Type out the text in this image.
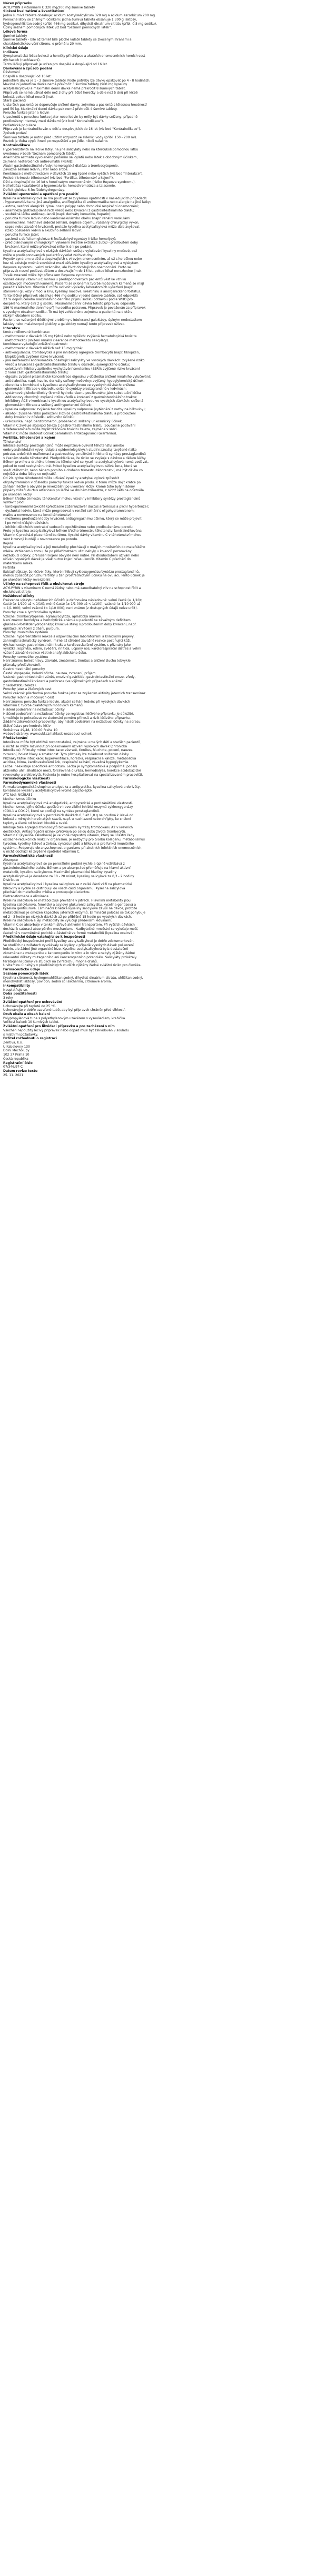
Název přípravku
ACYLPYRIN s vitaminem C 320 mg/200 mg šumivé tablety
Složení kvalitativní a kvantitativní
Jedna šumivá tableta obsahuje: acidum acetylsalicylicum 320 mg a acidum ascorbicum 200 mg.
Pomocné látky se známým účinkem: jedna šumivá tableta obsahuje 1 300 g laktosy,
hydrogenuhličitan sodný (přibl. 466 mg sodíku), dihydrát dinatrium-citrátu (přibl. 0,5 mg sodíku).
Úplný seznam pomocných látek viz bod "Seznam pomocných látek".
Léková forma
Šumivé tablety
Šumivé tablety - bílé až téměř bílé ploché kulaté tablety se zkosenými hranami a
charakteristickou vůní citronu, o průměru 20 mm.
Klinické údaje
Indikace
Symptomatická léčba bolesti a horečky při chřipce a akutních onemocněních horních cest
dýchacích (nachlazení).
Tento léčivý přípravek je určen pro dospělé a dospívající od 16 let.
Dávkování a způsob podání
Dávkování
Dospělí a dospívající od 16 let:
Jednotlivá dávka je 1 - 2 šumivé tablety. Podle potřeby lze dávku opakovat po 4 - 8 hodinách.
Maximální jednotlivá dávka nemá překročit 3 šumivé tablety (960 mg kyseliny
acetylsalicylové) a maximální denní dávka nemá překročit 8 šumivých tablet.
Přípravek se nemá užívat déle než 3 dny při léčbě horečky a déle než 5 dnů při léčbě
bolesti, pokud lékař neurčí jinak.
Starší pacienti
U starších pacientů se doporučuje snížení dávky, zejména u pacientů s tělesnou hmotností
pod 50 kg. Maximální denní dávka pak nemá překročit 4 šumivé tablety.
Porucha funkce jater a ledvin
U pacientů s poruchou funkce jater nebo ledvin by měly být dávky sníženy, případně
prodlouženy intervaly mezi dávkami (viz bod "Kontraindikace").
Pediatrická populace
Přípravek je kontraindikován u dětí a dospívajících do 16 let (viz bod "Kontraindikace").
Způsob podání
Šumivou tabletu je nutno před užitím rozpustit ve sklenici vody (přibl. 150 - 200 ml).
Roztok je třeba vypít ihned po rozpuštění a po jídle, nikoli nalačno.
Kontraindikace
Hypersenzitivita na léčivé látky, na jiné salicyláty nebo na kteroukoli pomocnou látku
uvedenou v bodě "Seznam pomocných látek".
Anamnéza astmatu vyvolaného podáním salicylátů nebo látek s obdobným účinkem,
zejména nesteroidních antirevmatik (NSAID).
Akutní gastrointestinální vředy; hemoragická diatéza a trombocytopenie.
Závažné selhání ledvin, jater nebo srdce.
Kombinace s methotrexátem v dávkách 15 mg týdně nebo vyšších (viz bod "Interakce").
Poslední trimestr těhotenství (viz bod "Fertilita, těhotenství a kojení").
Děti a dospívající do 16 let s horečnatým onemocněním (riziko Reyeova syndromu).
Nefrolitiáza (oxalátová) a hyperoxalurie; hemochromatóza a talasemie.
Deficit glukóza-6-fosfátdehydrogenázy.
Zvláštní upozornění a opatření pro použití
Kyselina acetylsalicylová se má používat se zvýšenou opatrností v následujících případech:
- hypersenzitivita na jiná analgetika, antiflogistika či antirevmatika nebo alergie na jiné látky;
- astma, sezónní alergická rýma, nosní polypy nebo chronické respirační onemocnění;
- anamnéza gastroduodenálních vředů nebo krvácení z gastrointestinálního traktu;
- souběžná léčba antikoagulancii (např. deriváty kumarinu, heparin);
- porucha funkce ledvin nebo kardiovaskulárního oběhu (např. renální vaskulární
onemocnění, městnavé srdeční selhání, deplece objemu, rozsáhlý chirurgický výkon,
sepse nebo závažné krvácení), protože kyselina acetylsalicylová může dále zvyšovat
riziko poškození ledvin a akutního selhání ledvin;
- porucha funkce jater;
- pacienti s deficitem glukóza-6-fosfátdehydrogenázy (riziko hemolýzy);
- před plánovaným chirurgickým výkonem (včetně extrakce zubu) - prodloužení doby
krvácení, které může přetrvávat několik dní po podání.
Kyselina acetylsalicylová v nízkých dávkách snižuje vylučování kyseliny močové, což
může u predisponovaných pacientů vyvolat záchvat dny.
Reyeův syndrom: u dětí a dospívajících s virovým onemocněním, ať už s horečkou nebo
bez ní, existuje možná souvislost mezi užíváním kyseliny acetylsalicylové a výskytem
Reyeova syndromu, velmi vzácného, ale život ohrožujícího onemocnění. Proto se
přípravek nesmí podávat dětem a dospívajícím do 16 let, pokud lékař nerozhodne jinak.
Trvalé zvracení může být příznakem Reyeova syndromu.
Vysoké dávky vitaminu C mohou u predisponovaných pacientů vést ke vzniku
oxalátových močových kamenů. Pacienti se sklonem k tvorbě močových kamenů se mají
poradit s lékařem. Vitamin C může ovlivnit výsledky laboratorních vyšetření (např.
stanovení glukózy v moči a krvi, kyseliny močové, kreatininu a anorganického fosfátu).
Tento léčivý přípravek obsahuje 466 mg sodíku v jedné šumivé tabletě, což odpovídá
23 % doporučeného maximálního denního příjmu sodíku potravou podle WHO pro
dospělého, který činí 2 g sodíku. Maximální denní dávka tohoto přípravku odpovídá
186 % maximálního denního příjmu sodíku potravou. Přípravek je považován za přípravek
s vysokým obsahem sodíku. To má být zohledněno zejména u pacientů na dietě s
nízkým obsahem sodíku.
Pacienti se vzácnými dědičnými problémy s intolerancí galaktózy, úplným nedostatkem
laktázy nebo malabsorpcí glukózy a galaktózy nemají tento přípravek užívat.
Interakce
Kontraindikované kombinace:
- methotrexát v dávkách 15 mg týdně nebo vyšších: zvýšená hematologická toxicita
methotrexátu (snížení renální clearance methotrexátu salicyláty).
Kombinace vyžadující zvláštní opatrnost:
- methotrexát v dávkách nižších než 15 mg týdně;
- antikoagulancia, trombolytika a jiné inhibitory agregace trombocytů (např. tiklopidin,
klopidogrel): zvýšené riziko krvácení;
- jiná nesteroidní antirevmatika obsahující salicyláty ve vysokých dávkách: zvýšené riziko
vředů a krvácení z gastrointestinálního traktu v důsledku synergického účinku;
- selektivní inhibitory zpětného vychytávání serotoninu (SSRI): zvýšené riziko krvácení
z horní části gastrointestinálního traktu;
- digoxin: zvýšení plazmatické koncentrace digoxinu v důsledku snížení renálního vylučování;
- antidiabetika, např. inzulin, deriváty sulfonylmočoviny: zvýšený hypoglykemický účinek;
- diuretika v kombinaci s kyselinou acetylsalicylovou ve vysokých dávkách: snížená
glomerulární filtrace v důsledku snížené syntézy prostaglandinů v ledvinách;
- systémové glukokortikoidy (kromě hydrokortisonu používaného jako substituční léčba
Addisonovy choroby): zvýšené riziko vředů a krvácení z gastrointestinálního traktu;
- inhibitory ACE v kombinaci s kyselinou acetylsalicylovou ve vysokých dávkách: snížená
glomerulární filtrace a snížený antihypertenzní účinek;
- kyselina valproová: zvýšená toxicita kyseliny valproové (vytěsnění z vazby na bílkoviny);
- alkohol: zvýšené riziko poškození sliznice gastrointestinálního traktu a prodloužení
doby krvácení v důsledku aditivního účinku;
- urikosurika, např. benzbromaron, probenecid: snížený urikosurický účinek.
Vitamin C zvyšuje absorpci železa z gastrointestinálního traktu. Současné podávání
s deferoxaminem může zvýšit tkáňovou toxicitu železa, zejména v srdci.
Vitamin C může snižovat účinek perorálních antikoagulancií (warfarinu).
Fertilita, těhotenství a kojení
Těhotenství
Inhibice syntézy prostaglandinů může nepříznivě ovlivnit těhotenství a/nebo
embryonální/fetální vývoj. Údaje z epidemiologických studií naznačují zvýšené riziko
potratu, srdečních malformací a gastroschízy po užívání inhibitorů syntézy prostaglandinů
v časném stadiu těhotenství. Předpokládá se, že riziko se zvyšuje s dávkou a délkou léčby.
Během prvního a druhého trimestru těhotenství se kyselina acetylsalicylová nemá podávat,
pokud to není nezbytně nutné. Pokud kyselinu acetylsalicylovou užívá žena, která se
snaží otěhotnět, nebo během prvního a druhého trimestru těhotenství, má být dávka co
nejnižší a doba léčby co nejkratší.
Od 20. týdne těhotenství může užívání kyseliny acetylsalicylové způsobit
oligohydramnion v důsledku poruchy funkce ledvin plodu. K tomu může dojít krátce po
zahájení léčby a obvykle je reverzibilní po ukončení léčby. Kromě toho byly hlášeny
případy zúžení ductus arteriosus po léčbě ve druhém trimestru, z nichž většina odezněla
po ukončení léčby.
Během třetího trimestru těhotenství mohou všechny inhibitory syntézy prostaglandinů
vystavit plod:
- kardiopulmonální toxicitě (předčasné zúžení/uzávěr ductus arteriosus a plicní hypertenze);
- dysfunkci ledvin, která může progredovat v renální selhání s oligohydramnionem;
matku a novorozence na konci těhotenství:
- možnému prodloužení doby krvácení, antiagregačnímu účinku, který se může projevit
i po velmi nízkých dávkách;
- inhibici děložních kontrakcí vedoucí k opožděnému nebo prodlouženému porodu.
Proto je kyselina acetylsalicylová během třetího trimestru těhotenství kontraindikována.
Vitamin C prochází placentární bariérou. Vysoké dávky vitaminu C v těhotenství mohou
vést k rozvoji kurdějí u novorozence po porodu.
Kojení
Kyselina acetylsalicylová a její metabolity přecházejí v malých množstvích do mateřského
mléka. Vzhledem k tomu, že po příležitostném užití nebyly u kojenců pozorovány
nežádoucí účinky, přerušení kojení obvykle není nutné. Při dlouhodobém užívání nebo
užívání vysokých dávek je však nutno kojení včas ukončit. Vitamin C přechází do
mateřského mléka.
Fertilita
Existují důkazy, že léčivé látky, které inhibují cyklooxygenázu/syntézu prostaglandinů,
mohou způsobit poruchu fertility u žen prostřednictvím účinku na ovulaci. Tento účinek je
po ukončení léčby reverzibilní.
Účinky na schopnost řídit a obsluhovat stroje
ACYLPYRIN s vitaminem C nemá žádný nebo má zanedbatelný vliv na schopnost řídit a
obsluhovat stroje.
Nežádoucí účinky
Frekvence výskytu nežádoucích účinků je definována následovně: velmi časté (≥ 1/10);
časté (≥ 1/100 až < 1/10); méně časté (≥ 1/1 000 až < 1/100); vzácné (≥ 1/10 000 až
< 1/1 000); velmi vzácné (< 1/10 000); není známo (z dostupných údajů nelze určit).
Poruchy krve a lymfatického systému
Vzácné: trombocytopenie, agranulocytóza, aplastická anémie.
Není známo: hemolýza a hemolytická anémie u pacientů se závažným deficitem
glukóza-6-fosfátdehydrogenázy; krvácivé stavy s prodloužením doby krvácení, např.
epistaxe, krvácení z dásní, purpura.
Poruchy imunitního systému
Vzácné: hypersenzitivní reakce s odpovídajícími laboratorními a klinickými projevy,
zahrnující astmatický syndrom, mírné až středně závažné reakce postihující kůži,
dýchací cesty, gastrointestinální trakt a kardiovaskulární systém, s příznaky jako
vyrážka, kopřivka, edém, svědění, rinitida, ucpaný nos, kardiorespirační distres a velmi
vzácně závažné reakce včetně anafylaktického šoku.
Poruchy nervového systému
Není známo: bolest hlavy, závratě, zmatenost, tinnitus a snížení sluchu (obvykle
příznaky předávkování).
Gastrointestinální poruchy
Časté: dyspepsie, bolesti břicha, nauzea, zvracení, průjem.
Vzácné: gastrointestinální zánět, erozivní gastritida, gastrointestinální eroze, vředy,
gastrointestinální krvácení a perforace (ve výjimečných případech s anémií
z nedostatku železa).
Poruchy jater a žlučových cest
Velmi vzácné: přechodná porucha funkce jater se zvýšením aktivity jaterních transamináz.
Poruchy ledvin a močových cest
Není známo: porucha funkce ledvin, akutní selhání ledvin; při vysokých dávkách
vitaminu C tvorba oxalátových močových kamenů.
Hlášení podezření na nežádoucí účinky
Hlášení podezření na nežádoucí účinky po registraci léčivého přípravku je důležité.
Umožňuje to pokračovat ve sledování poměru přínosů a rizik léčivého přípravku.
Žádáme zdravotnické pracovníky, aby hlásili podezření na nežádoucí účinky na adresu:
Státní ústav pro kontrolu léčiv
Šrobárova 49/48, 100 00 Praha 10
webové stránky: www.sukl.cz/nahlasit-nezadouci-ucinek
Předávkování
Intoxikace může být obtížně rozpoznatelná, zejména u malých dětí a starších pacientů,
u nichž se může rozvinout při opakovaném užívání vysokých dávek (chronická
intoxikace). Příznaky mírné intoxikace: závratě, tinnitus, hluchota, pocení, nauzea,
zvracení, bolest hlavy a zmatenost. Tyto příznaky lze zvládnout snížením dávky.
Příznaky těžké intoxikace: hyperventilace, horečka, respirační alkalóza, metabolická
acidóza, kóma, kardiovaskulární šok, respirační selhání, závažná hypoglykemie.
Léčba: neexistuje specifické antidotum. Léčba je symptomatická a podpůrná: podání
aktivního uhlí, alkalizace moči, forsírovaná diuréza, hemodialýza, korekce acidobazické
rovnováhy a elektrolytů. Pacienta je nutno hospitalizovat na specializovaném pracovišti.
Farmakologické vlastnosti
Farmakodynamické vlastnosti
Farmakoterapeutická skupina: analgetika a antipyretika, kyselina salicylová a deriváty,
kombinace kyseliny acetylsalicylové kromě psycholeptik.
ATC kód: N02BA51
Mechanismus účinku
Kyselina acetylsalicylová má analgetické, antipyretické a protizánětlivé vlastnosti.
Mechanismus jejího účinku spočívá v ireverzibilní inhibici enzymů cyklooxygenázy
(COX-1 a COX-2), které se podílejí na syntéze prostaglandinů.
Kyselina acetylsalicylová v perorálních dávkách 0,3 až 1,0 g se používá k úlevě od
bolesti a mírných horečnatých stavů, např. u nachlazení nebo chřipky, ke snížení
teploty a úlevě od bolesti kloubů a svalů.
Inhibuje také agregaci trombocytů blokováním syntézy tromboxanu A2 v krevních
destičkách. Antiagregační účinek přetrvává po celou dobu života trombocytů.
Vitamin C (kyselina askorbová) je ve vodě rozpustný vitamin, který se účastní řady
oxidačně-redukčních reakcí v organismu. Je nezbytný pro tvorbu kolagenu, metabolismus
tyrosinu, kyseliny listové a železa, syntézu lipidů a bílkovin a pro funkci imunitního
systému. Podporuje obranyschopnost organismu při akutních infekčních onemocněních,
u nichž dochází ke zvýšené spotřebě vitaminu C.
Farmakokinetické vlastnosti
Absorpce
Kyselina acetylsalicylová se po perorálním podání rychle a úplně vstřebává z
gastrointestinálního traktu. Během a po absorpci se přeměňuje na hlavní aktivní
metabolit, kyselinu salicylovou. Maximální plazmatické hladiny kyseliny
acetylsalicylové je dosaženo za 10 - 20 minut, kyseliny salicylové za 0,3 - 2 hodiny.
Distribuce
Kyselina acetylsalicylová i kyselina salicylová se z velké části váží na plazmatické
bílkoviny a rychle se distribuují do všech částí organismu. Kyselina salicylová
přechází do mateřského mléka a prostupuje placentou.
Biotransformace a eliminace
Kyselina salicylová se metabolizuje převážně v játrech. Hlavními metabolity jsou
kyselina salicylurová, fenolický a acylový glukuronid salicylátu, kyselina gentisová a
kyselina gentisurová. Eliminační kinetika kyseliny salicylové závisí na dávce, protože
metabolismus je omezen kapacitou jaterních enzymů. Eliminační poločas se tak pohybuje
od 2 - 3 hodin po nízkých dávkách až po přibližně 15 hodin po vysokých dávkách.
Kyselina salicylová a její metabolity se vylučují především ledvinami.
Vitamin C se absorbuje v tenkém střevě aktivním transportem. Při vyšších dávkách
dochází k saturaci absorpčního mechanismu. Nadbytečné množství se vylučuje močí,
částečně v nezměněné podobě a částečně ve formě metabolitů (kyselina oxalová).
Předklinické údaje vztahující se k bezpečnosti
Předklinický bezpečnostní profil kyseliny acetylsalicylové je dobře zdokumentován.
Ve studiích na zvířatech vyvolávaly salicyláty v případě vysokých dávek poškození
ledvin, ale žádné jiné organické léze. Kyselina acetylsalicylová byla dostatečně
zkoumána na mutagenitu a kancerogenitu in vitro a in vivo a nebyly zjištěny žádné
relevantní důkazy mutagenního ani kancerogenního potenciálu. Salicyláty prokázaly
teratogenní účinky ve studiích na zvířatech u mnoha druhů.
U vitaminu C nebyly v předklinických studiích zjištěny žádné zvláštní riziko pro člověka.
Farmaceutické údaje
Seznam pomocných látek
Kyselina citronová, hydrogenuhličitan sodný, dihydrát dinatrium-citrátu, uhličitan sodný,
monohydrát laktosy, povidon, sodná sůl sacharinu, citronové aroma.
Inkompatibility
Neuplatňuje se.
Doba použitelnosti
3 roky
Zvláštní opatření pro uchovávání
Uchovávejte při teplotě do 25 °C.
Uchovávejte v dobře uzavřené tubě, aby byl přípravek chráněn před vlhkostí.
Druh obalu a obsah balení
Polypropylenová tuba s polyethylenovým uzávěrem s vysoušedlem, krabička.
Velikost balení: 10 šumivých tablet.
Zvláštní opatření pro likvidaci přípravku a pro zacházení s ním
Všechen nepoužitý léčivý přípravek nebo odpad musí být zlikvidován v souladu
s místními požadavky.
Držitel rozhodnutí o registraci
Zentiva, k.s.
U Kabelovny 130
Dolní Měcholupy
102 37 Praha 10
Česká republika
Registrační číslo
07/346/97-C
Datum revize textu
25. 11. 2021
